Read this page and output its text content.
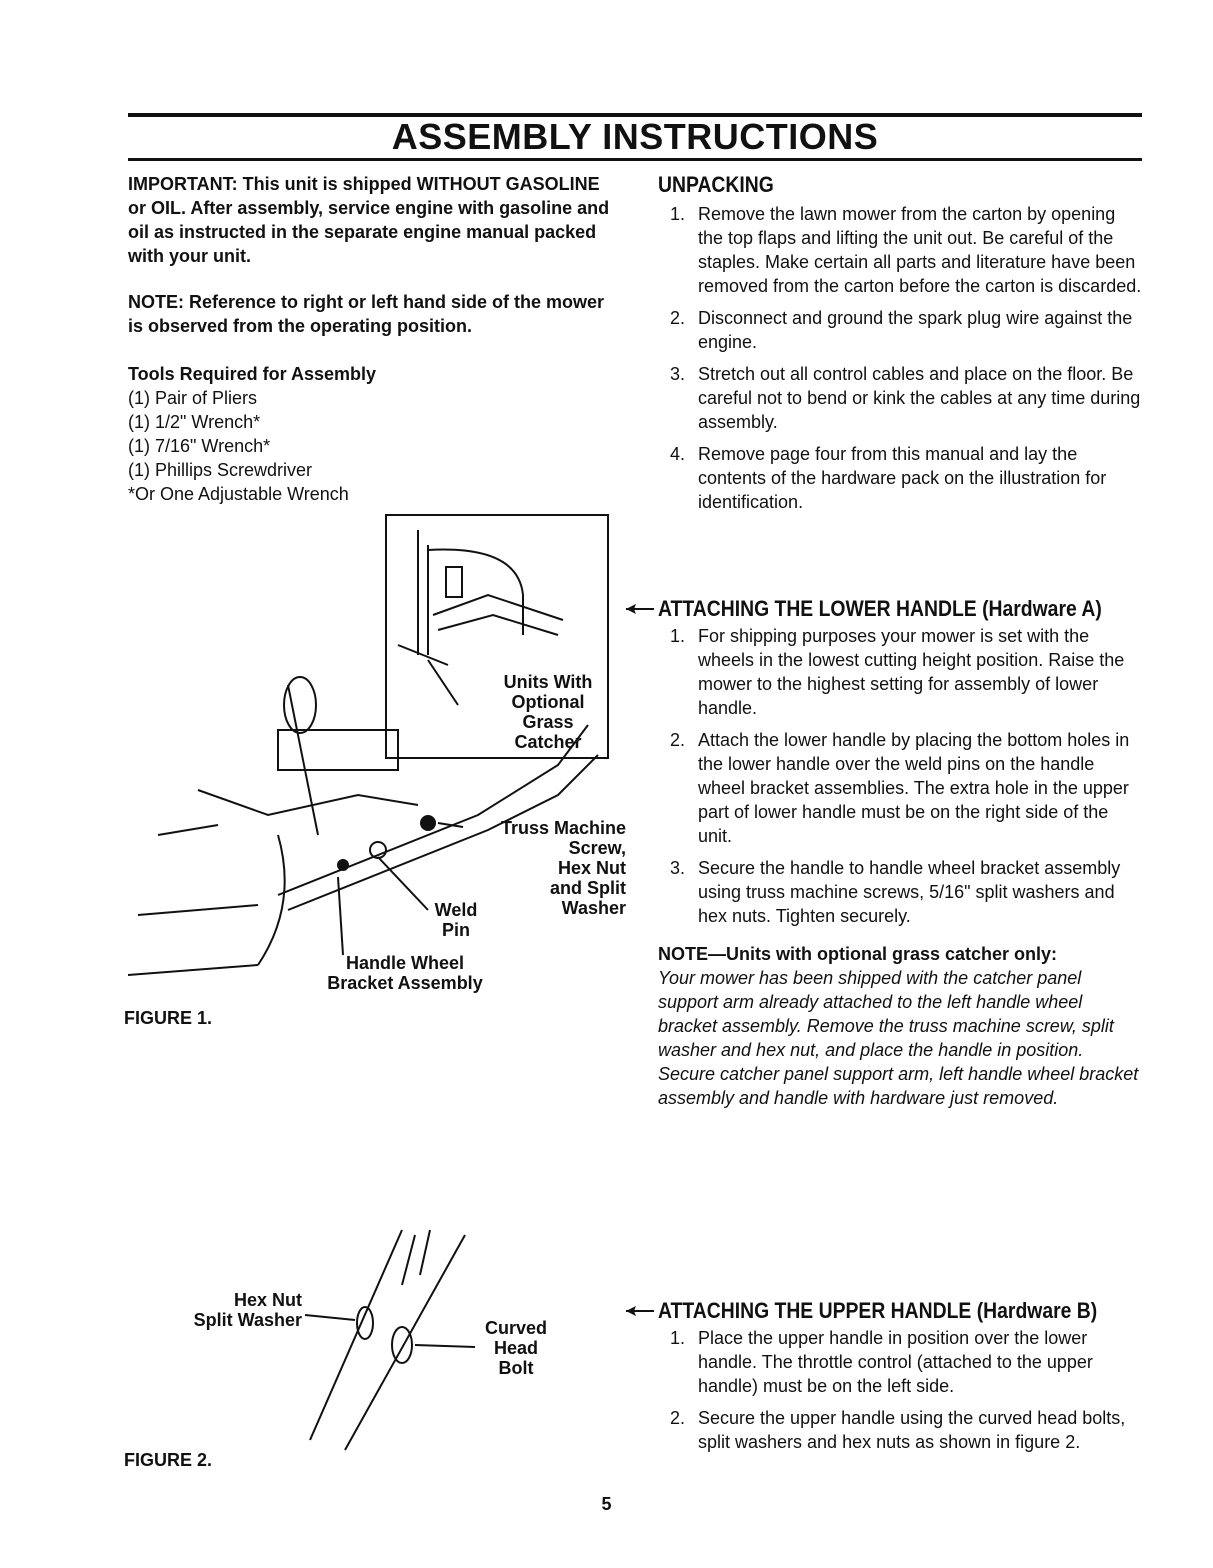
ASSEMBLY INSTRUCTIONS
IMPORTANT: This unit is shipped WITHOUT GASOLINE or OIL. After assembly, service engine with gasoline and oil as instructed in the separate engine manual packed with your unit.
NOTE: Reference to right or left hand side of the mower is observed from the operating position.
Tools Required for Assembly
(1) Pair of Pliers
(1) 1/2" Wrench*
(1) 7/16" Wrench*
(1) Phillips Screwdriver
*Or One Adjustable Wrench
Units With
Optional
Grass
Catcher
Truss Machine
Screw,
Hex Nut
and Split
Washer
Weld
Pin
Handle Wheel
Bracket Assembly
FIGURE 1.
Hex Nut
Split Washer	Curved
Head
Bolt
FIGURE 2.
UNPACKING
1. Remove the lawn mower from the carton by opening the top flaps and lifting the unit out. Be careful of the staples. Make certain all parts and literature have been removed from the carton before the carton is discarded.
2. Disconnect and ground the spark plug wire against the engine.
3. Stretch out all control cables and place on the floor. Be careful not to bend or kink the cables at any time during assembly.
4. Remove page four from this manual and lay the contents of the hardware pack on the illustration for identification.
ATTACHING THE LOWER HANDLE (Hardware A)
1. For shipping purposes your mower is set with the wheels in the lowest cutting height position. Raise the mower to the highest setting for assembly of lower handle.
2. Attach the lower handle by placing the bottom holes in the lower handle over the weld pins on the handle wheel bracket assemblies. The extra hole in the upper part of lower handle must be on the right side of the unit.
3. Secure the handle to handle wheel bracket assembly using truss machine screws, 5/16" split washers and hex nuts. Tighten securely.
NOTE—Units with optional grass catcher only:
Your mower has been shipped with the catcher panel support arm already attached to the left handle wheel bracket assembly. Remove the truss machine screw, split washer and hex nut, and place the handle in position. Secure catcher panel support arm, left handle wheel bracket assembly and handle with hardware just removed.
ATTACHING THE UPPER HANDLE (Hardware B)
1. Place the upper handle in position over the lower handle. The throttle control (attached to the upper handle) must be on the left side.
2. Secure the upper handle using the curved head bolts, split washers and hex nuts as shown in figure 2.
5
